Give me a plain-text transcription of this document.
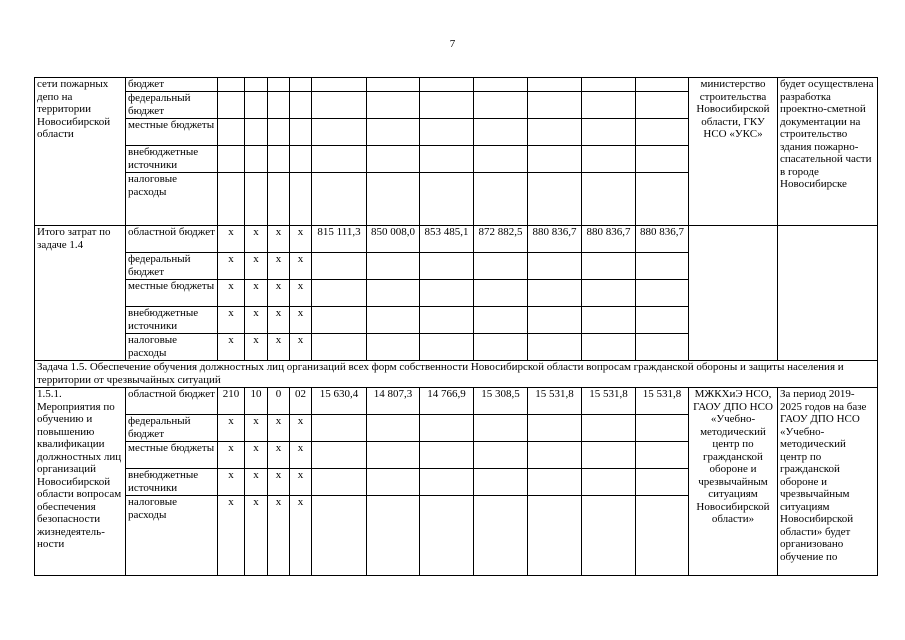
7
сети пожарных депо на территории Новосибирской области	бюджет												министерство строительства Новосибирской области, ГКУ НСО «УКС»	будет осуществлена разработка проектно-сметной документации на строительство здания пожарно-спасательной части в городе Новосибирске
	федеральный бюджет													
	местные бюджеты													
	внебюджетные источники													
	налоговые расходы													
Итого затрат по задаче 1.4	областной бюджет	x	x	x	x	815 111,3	850 008,0	853 485,1	872 882,5	880 836,7	880 836,7	880 836,7		
	федеральный бюджет	x	x	x	x									
	местные бюджеты	x	x	x	x									
	внебюджетные источники	x	x	x	x									
	налоговые расходы	x	x	x	x									
Задача 1.5. Обеспечение обучения должностных лиц организаций всех форм собственности Новосибирской области вопросам гражданской обороны и защиты населения и территории от чрезвычайных ситуаций														
1.5.1. Мероприятия по обучению и повышению квалификации должностных лиц организаций Новосибирской области вопросам обеспечения безопасности жизнедеятель-ности	областной бюджет	210	10	0	02	15 630,4	14 807,3	14 766,9	15 308,5	15 531,8	15 531,8	15 531,8	МЖКХиЭ НСО, ГАОУ ДПО НСО «Учебно-методический центр по гражданской обороне и чрезвычайным ситуациям Новосибирской области»	За период 2019-2025 годов на базе ГАОУ ДПО НСО «Учебно-методический центр по гражданской обороне и чрезвычайным ситуациям Новосибирской области» будет организовано обучение по
	федеральный бюджет	x	x	x	x									
	местные бюджеты	x	x	x	x									
	внебюджетные источники	x	x	x	x									
	налоговые расходы	x	x	x	x									
